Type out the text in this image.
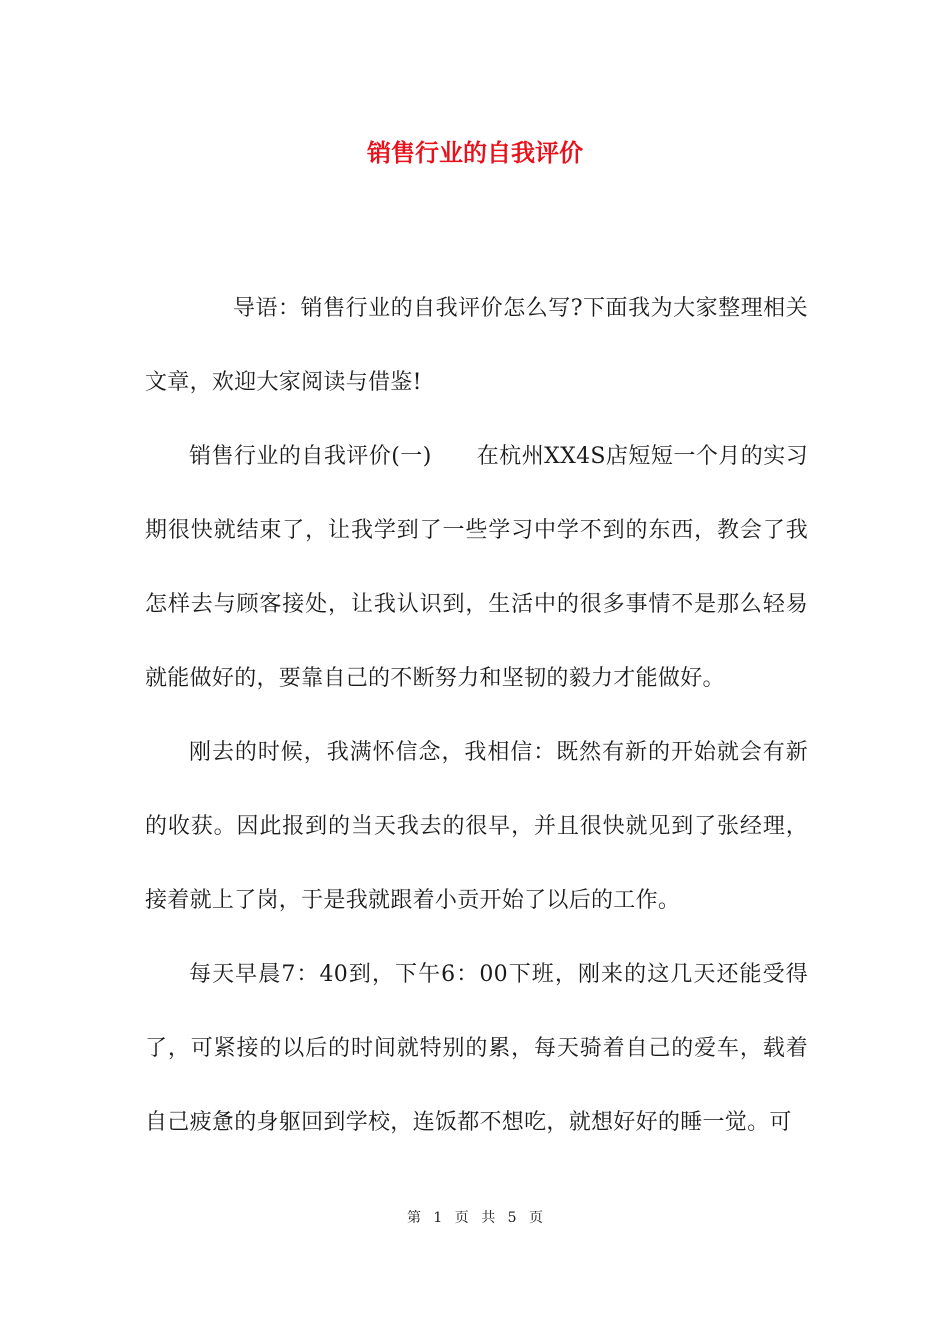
销售行业的自我评价

导语：销售行业的自我评价怎么写?下面我为大家整理相关文章，欢迎大家阅读与借鉴!

销售行业的自我评价(一)　　在杭州XX4S店短短一个月的实习期很快就结束了，让我学到了一些学习中学不到的东西，教会了我怎样去与顾客接处，让我认识到，生活中的很多事情不是那么轻易就能做好的，要靠自己的不断努力和坚韧的毅力才能做好。

刚去的时候，我满怀信念，我相信：既然有新的开始就会有新的收获。因此报到的当天我去的很早，并且很快就见到了张经理，接着就上了岗，于是我就跟着小贡开始了以后的工作。

每天早晨7：40到，下午6：00下班，刚来的这几天还能受得了，可紧接的以后的时间就特别的累，每天骑着自己的爱车，载着自己疲惫的身躯回到学校，连饭都不想吃，就想好好的睡一觉。可

第 1 页 共 5 页
